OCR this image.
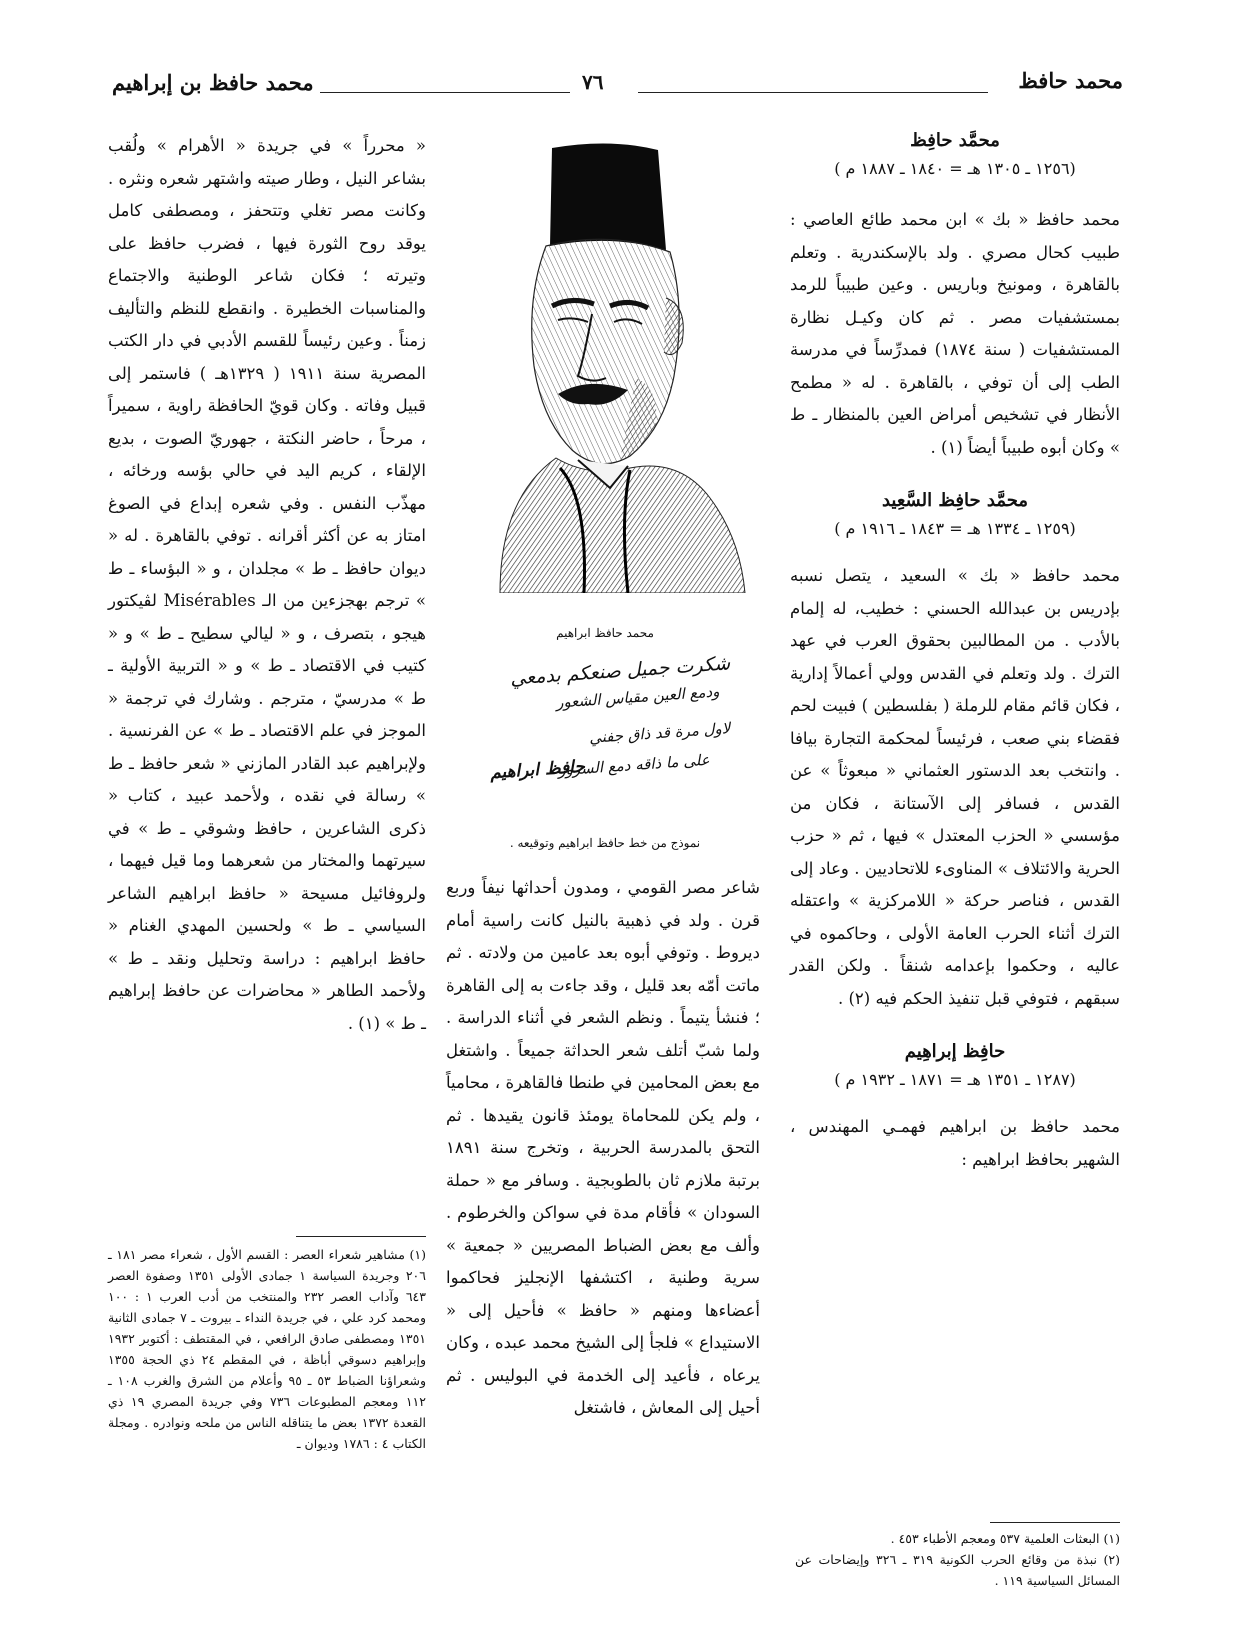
محمد حافظ
٧٦
محمد حافظ بن إبراهيم
محمَّد حافِظ
(١٢٥٦ ـ ١٣٠٥ هـ = ١٨٤٠ ـ ١٨٨٧ م )

محمد حافظ « بك » ابن محمد طائع العاصي : طبيب كحال مصري . ولد بالإسكندرية . وتعلم بالقاهرة ، ومونيخ وباريس . وعين طبيباً للرمد بمستشفيات مصر . ثم كان وكيـل نظارة المستشفيات ( سنة ١٨٧٤) فمدرِّساً في مدرسة الطب إلى أن توفي ، بالقاهرة . له « مطمح الأنظار في تشخيص أمراض العين بالمنظار ـ ط » وكان أبوه طبيباً أيضاً (١) .

محمَّد حافِظ السَّعِيد
(١٢٥٩ ـ ١٣٣٤ هـ = ١٨٤٣ ـ ١٩١٦ م )

محمد حافظ « بك » السعيد ، يتصل نسبه بإدريس بن عبدالله الحسني : خطيب، له إلمام بالأدب . من المطالبين بحقوق العرب في عهد الترك . ولد وتعلم في القدس وولي أعمالاً إدارية ، فكان قائم مقام للرملة ( بفلسطين ) فبيت لحم فقضاء بني صعب ، فرئيساً لمحكمة التجارة بيافا . وانتخب بعد الدستور العثماني « مبعوثاً » عن القدس ، فسافر إلى الآستانة ، فكان من مؤسسي « الحزب المعتدل » فيها ، ثم « حزب الحرية والائتلاف » المناوىء للاتحاديين . وعاد إلى القدس ، فناصر حركة « اللامركزية » واعتقله الترك أثناء الحرب العامة الأولى ، وحاكموه في عاليه ، وحكموا بإعدامه شنقاً . ولكن القدر سبقهم ، فتوفي قبل تنفيذ الحكم فيه (٢) .

حافِظ إبراهِيم
(١٢٨٧ ـ ١٣٥١ هـ = ١٨٧١ ـ ١٩٣٢ م )

محمد حافظ بن ابراهيم فهمـي المهندس ، الشهير بحافظ ابراهيم :

(١) البعثات العلمية ٥٣٧ ومعجم الأطباء ٤٥٣ .

(٢) نبذة من وقائع الحرب الكونية ٣١٩ ـ ٣٢٦ وإيضاحات عن المسائل السياسية ١١٩ .

محمد حافظ ابراهيم
شكرت جميل صنعكم بدمعي
ودمع العين مقياس الشعور
لاول مرة قد ذاق جفني
على ما ذاقه دمع السرور
حافظ ابراهيم
نموذج من خط حافظ ابراهيم وتوقيعه .

شاعر مصر القومي ، ومدون أحداثها نيفاً وربع قرن . ولد في ذهبية بالنيل كانت راسية أمام ديروط . وتوفي أبوه بعد عامين من ولادته . ثم ماتت أمّه بعد قليل ، وقد جاءت به إلى القاهرة ؛ فنشأ يتيماً . ونظم الشعر في أثناء الدراسة . ولما شبّ أتلف شعر الحداثة جميعاً . واشتغل مع بعض المحامين في طنطا فالقاهرة ، محامياً ، ولم يكن للمحاماة يومئذ قانون يقيدها . ثم التحق بالمدرسة الحربية ، وتخرج سنة ١٨٩١ برتبة ملازم ثان بالطوبجية . وسافر مع « حملة السودان » فأقام مدة في سواكن والخرطوم . وألف مع بعض الضباط المصريين « جمعية » سرية وطنية ، اكتشفها الإنجليز فحاكموا أعضاءها ومنهم « حافظ » فأحيل إلى « الاستيداع » فلجأ إلى الشيخ محمد عبده ، وكان يرعاه ، فأعيد إلى الخدمة في البوليس . ثم أحيل إلى المعاش ، فاشتغل

« محرراً » في جريدة « الأهرام » ولُقب بشاعر النيل ، وطار صيته واشتهر شعره ونثره . وكانت مصر تغلي وتتحفز ، ومصطفى كامل يوقد روح الثورة فيها ، فضرب حافظ على وتيرته ؛ فكان شاعر الوطنية والاجتماع والمناسبات الخطيرة . وانقطع للنظم والتأليف زمناً . وعين رئيساً للقسم الأدبي في دار الكتب المصرية سنة ١٩١١ ( ١٣٢٩هـ ) فاستمر إلى قبيل وفاته . وكان قويّ الحافظة راوية ، سميراً ، مرحاً ، حاضر النكتة ، جهوريّ الصوت ، بديع الإلقاء ، كريم اليد في حالي بؤسه ورخائه ، مهذّب النفس . وفي شعره إبداع في الصوغ امتاز به عن أكثر أقرانه . توفي بالقاهرة . له « ديوان حافظ ـ ط » مجلدان ، و « البؤساء ـ ط » ترجم بهجزءين من الـ Misérables لڤيكتور هيجو ، بتصرف ، و « ليالي سطيح ـ ط » و « كتيب في الاقتصاد ـ ط » و « التربية الأولية ـ ط » مدرسيّ ، مترجم . وشارك في ترجمة « الموجز في علم الاقتصاد ـ ط » عن الفرنسية . ولإبراهيم عبد القادر المازني « شعر حافظ ـ ط » رسالة في نقده ، ولأحمد عبيد ، كتاب « ذكرى الشاعرين ، حافظ وشوقي ـ ط » في سيرتهما والمختار من شعرهما وما قيل فيهما ، ولروفائيل مسيحة « حافظ ابراهيم الشاعر السياسي ـ ط » ولحسين المهدي الغنام « حافظ ابراهيم : دراسة وتحليل ونقد ـ ط » ولأحمد الطاهر « محاضرات عن حافظ إبراهيم ـ ط » (١) .

(١) مشاهير شعراء العصر : القسم الأول ، شعراء مصر ١٨١ ـ ٢٠٦ وجريدة السياسة ١ جمادى الأولى ١٣٥١ وصفوة العصر ٦٤٣ وآداب العصر ٢٣٢ والمنتخب من أدب العرب ١ : ١٠٠ ومحمد كرد علي ، في جريدة النداء ـ بيروت ـ ٧ جمادى الثانية ١٣٥١ ومصطفى صادق الرافعي ، في المقتطف : أكتوبر ١٩٣٢ وإبراهيم دسوقي أباظة ، في المقطم ٢٤ ذي الحجة ١٣٥٥ وشعراؤنا الضباط ٥٣ ـ ٩٥ وأعلام من الشرق والغرب ١٠٨ ـ ١١٢ ومعجم المطبوعات ٧٣٦ وفي جريدة المصري ١٩ ذي القعدة ١٣٧٢ بعض ما يتناقله الناس من ملحه ونوادره . ومجلة الكتاب ٤ : ١٧٨٦ وديوان ـ
